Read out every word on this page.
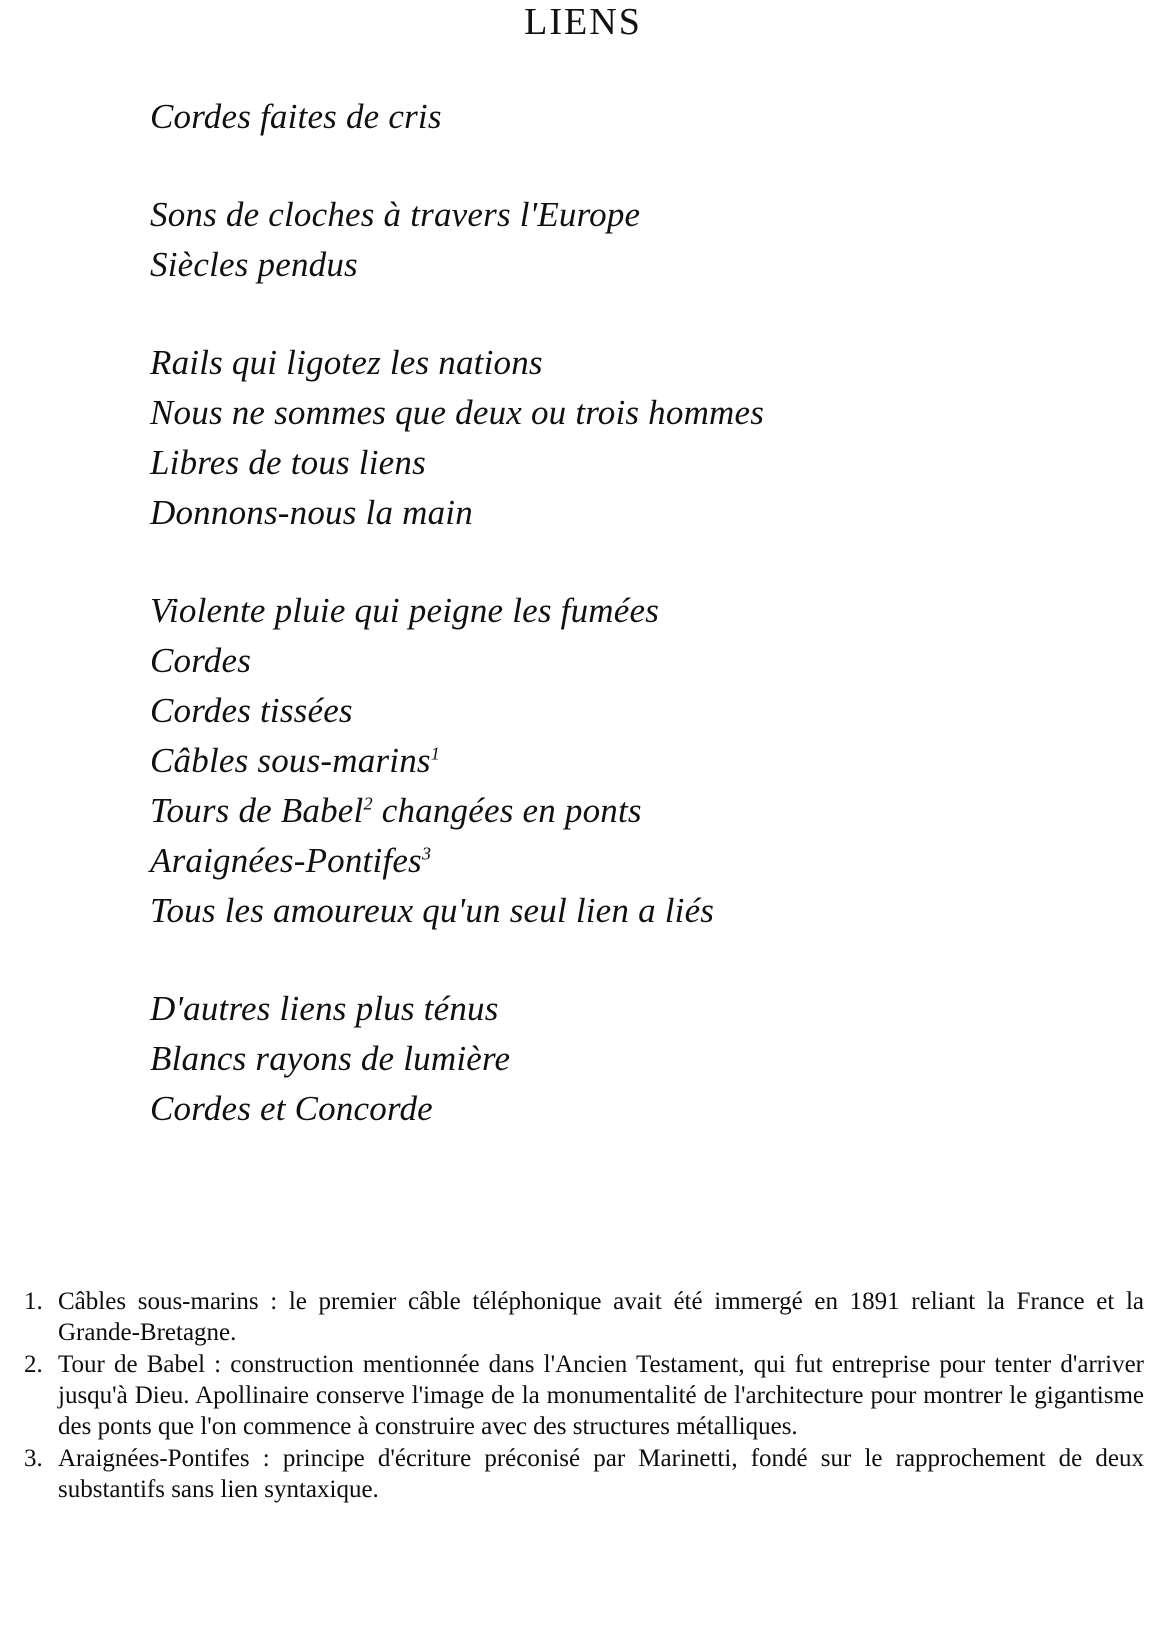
LIENS
Cordes faites de cris
Sons de cloches à travers l'Europe
Siècles pendus
Rails qui ligotez les nations
Nous ne sommes que deux ou trois hommes
Libres de tous liens
Donnons-nous la main
Violente pluie qui peigne les fumées
Cordes
Cordes tissées
Câbles sous-marins$^1$
Tours de Babel$^2$ changées en ponts
Araignées-Pontifes$^3$
Tous les amoureux qu'un seul lien a liés
D'autres liens plus ténus
Blancs rayons de lumière
Cordes et Concorde
1. Câbles sous-marins : le premier câble téléphonique avait été immergé en 1891 reliant la France et la Grande-Bretagne.
2. Tour de Babel : construction mentionnée dans l'Ancien Testament, qui fut entreprise pour tenter d'arriver jusqu'à Dieu. Apollinaire conserve l'image de la monumentalité de l'architecture pour montrer le gigantisme des ponts que l'on commence à construire avec des structures métalliques.
3. Araignées-Pontifes : principe d'écriture préconisé par Marinetti, fondé sur le rapprochement de deux substantifs sans lien syntaxique.
